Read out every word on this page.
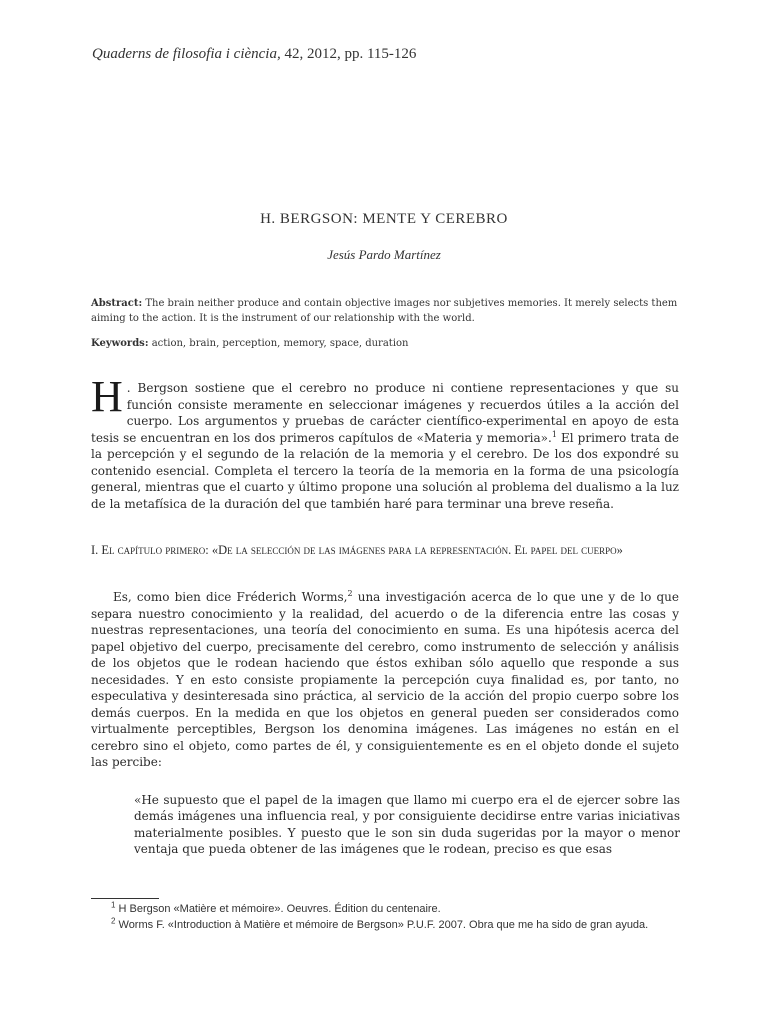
Quaderns de filosofia i ciència, 42, 2012, pp. 115-126
H. BERGSON: MENTE Y CEREBRO
Jesús Pardo Martínez
Abstract: The brain neither produce and contain objective images nor subjetives memories. It merely selects them aiming to the action. It is the instrument of our relationship with the world.
Keywords: action, brain, perception, memory, space, duration
H . Bergson sostiene que el cerebro no produce ni contiene representaciones y que su función consiste meramente en seleccionar imágenes y recuerdos útiles a la acción del cuerpo. Los argumentos y pruebas de carácter científico-experimental en apoyo de esta tesis se encuentran en los dos primeros capítulos de «Materia y memoria».$^1$ El primero trata de la percepción y el segundo de la relación de la memoria y el cerebro. De los dos expondré su contenido esencial. Completa el tercero la teoría de la memoria en la forma de una psicología general, mientras que el cuarto y último propone una solución al problema del dualismo a la luz de la metafísica de la duración del que también haré para terminar una breve reseña.
I. El capítulo primero: «De la selección de las imágenes para la representación. El papel del cuerpo»
Es, como bien dice Fréderich Worms,$^2$ una investigación acerca de lo que une y de lo que separa nuestro conocimiento y la realidad, del acuerdo o de la diferencia entre las cosas y nuestras representaciones, una teoría del conocimiento en suma. Es una hipótesis acerca del papel objetivo del cuerpo, precisamente del cerebro, como instrumento de selección y análisis de los objetos que le rodean haciendo que éstos exhiban sólo aquello que responde a sus necesidades. Y en esto consiste propiamente la percepción cuya finalidad es, por tanto, no especulativa y desinteresada sino práctica, al servicio de la acción del propio cuerpo sobre los demás cuerpos. En la medida en que los objetos en general pueden ser considerados como virtualmente perceptibles, Bergson los denomina imágenes. Las imágenes no están en el cerebro sino el objeto, como partes de él, y consiguientemente es en el objeto donde el sujeto las percibe:
«He supuesto que el papel de la imagen que llamo mi cuerpo era el de ejercer sobre las demás imágenes una influencia real, y por consiguiente decidirse entre varias iniciativas materialmente posibles. Y puesto que le son sin duda sugeridas por la mayor o menor ventaja que pueda obtener de las imágenes que le rodean, preciso es que esas
$^1$ H Bergson «Matière et mémoire». Oeuvres. Édition du centenaire.
$^2$ Worms F. «Introduction à Matière et mémoire de Bergson» P.U.F. 2007. Obra que me ha sido de gran ayuda.
